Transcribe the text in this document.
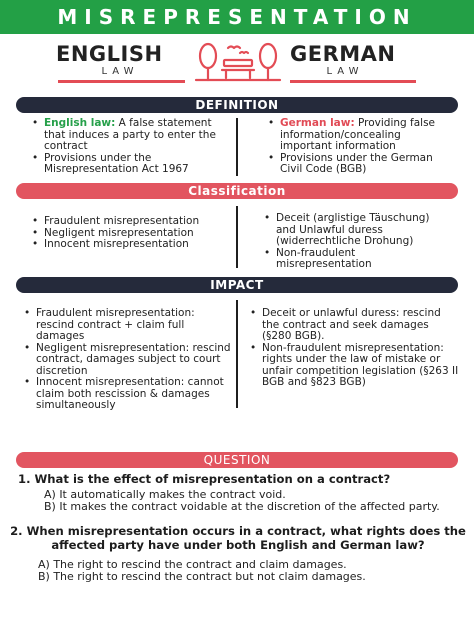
MISREPRESENTATION
ENGLISH
LAW
GERMAN
LAW
DEFINITION
• English law: A false statement that induces a party to enter the contract
• Provisions under the Misrepresentation Act 1967
• German law: Providing false information/concealing important information
• Provisions under the German Civil Code (BGB)
Classification
• Fraudulent misrepresentation
• Negligent misrepresentation
• Innocent misrepresentation
• Deceit (arglistige Täuschung) and Unlawful duress (widerrechtliche Drohung)
• Non-fraudulent misrepresentation
IMPACT
• Fraudulent misrepresentation: rescind contract + claim full damages
• Negligent misrepresentation: rescind contract, damages subject to court discretion
• Innocent misrepresentation: cannot claim both rescission & damages simultaneously
• Deceit or unlawful duress: rescind the contract and seek damages (§280 BGB).
• Non-fraudulent misrepresentation: rights under the law of mistake or unfair competition legislation (§263 II BGB and §823 BGB)
QUESTION
1. What is the effect of misrepresentation on a contract?
A) It automatically makes the contract void.
B) It makes the contract voidable at the discretion of the affected party.
2. When misrepresentation occurs in a contract, what rights does the affected party have under both English and German law?
A) The right to rescind the contract and claim damages.
B) The right to rescind the contract but not claim damages.
